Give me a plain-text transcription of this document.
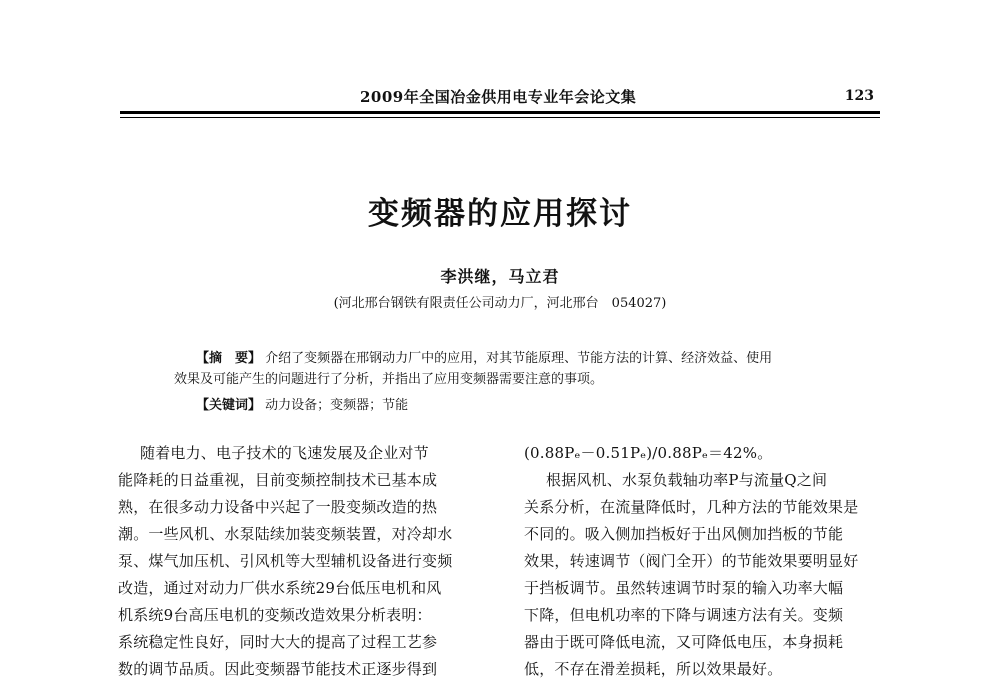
2009年全国冶金供用电专业年会论文集	123
变频器的应用探讨
李洪继，马立君
(河北邢台钢铁有限责任公司动力厂，河北邢台　054027)
【摘　要】 介绍了变频器在邢钢动力厂中的应用，对其节能原理、节能方法的计算、经济效益、使用
效果及可能产生的问题进行了分析，并指出了应用变频器需要注意的事项。
【关键词】 动力设备；变频器；节能
随着电力、电子技术的飞速发展及企业对节
能降耗的日益重视，目前变频控制技术已基本成
熟，在很多动力设备中兴起了一股变频改造的热
潮。一些风机、水泵陆续加装变频装置，对冷却水
泵、煤气加压机、引风机等大型辅机设备进行变频
改造，通过对动力厂供水系统29台低压电机和风
机系统9台高压电机的变频改造效果分析表明：
系统稳定性良好，同时大大的提高了过程工艺参
数的调节品质。因此变频器节能技术正逐步得到
(0.88Pₑ－0.51Pₑ)/0.88Pₑ＝42%。
根据风机、水泵负载轴功率P与流量Q之间
关系分析，在流量降低时，几种方法的节能效果是
不同的。吸入侧加挡板好于出风侧加挡板的节能
效果，转速调节（阀门全开）的节能效果要明显好
于挡板调节。虽然转速调节时泵的输入功率大幅
下降，但电机功率的下降与调速方法有关。变频
器由于既可降低电流，又可降低电压，本身损耗
低，不存在滑差损耗，所以效果最好。
